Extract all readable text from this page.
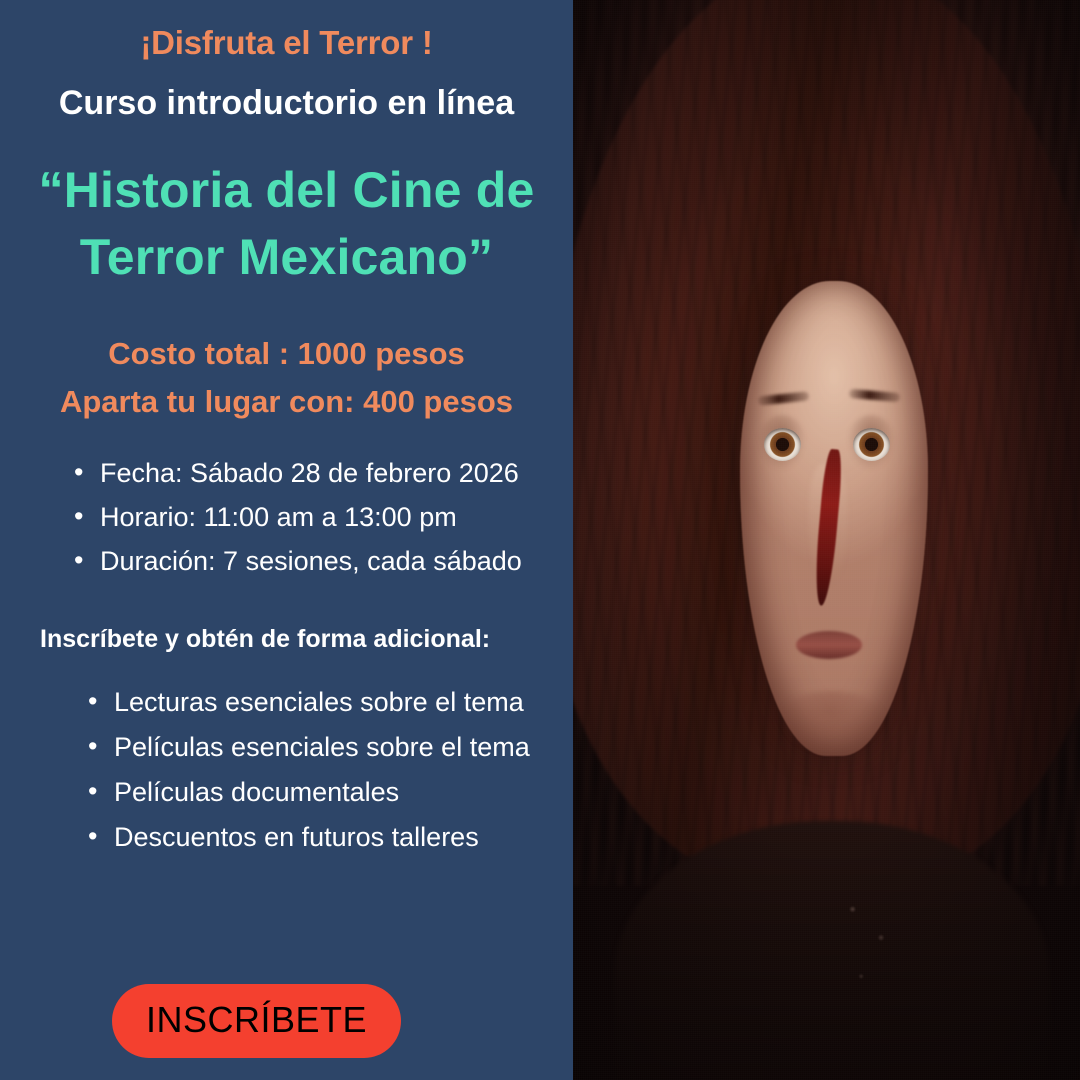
¡Disfruta el Terror !
Curso introductorio en línea
“Historia del Cine de Terror Mexicano”
Costo total : 1000 pesos
Aparta tu lugar con: 400 pesos
• Fecha: Sábado 28 de febrero 2026
• Horario: 11:00 am a 13:00 pm
• Duración: 7 sesiones, cada sábado
Inscríbete y obtén de forma adicional:
• Lecturas esenciales sobre el tema
• Películas esenciales sobre el tema
• Películas documentales
• Descuentos en futuros talleres
INSCRÍBETE
